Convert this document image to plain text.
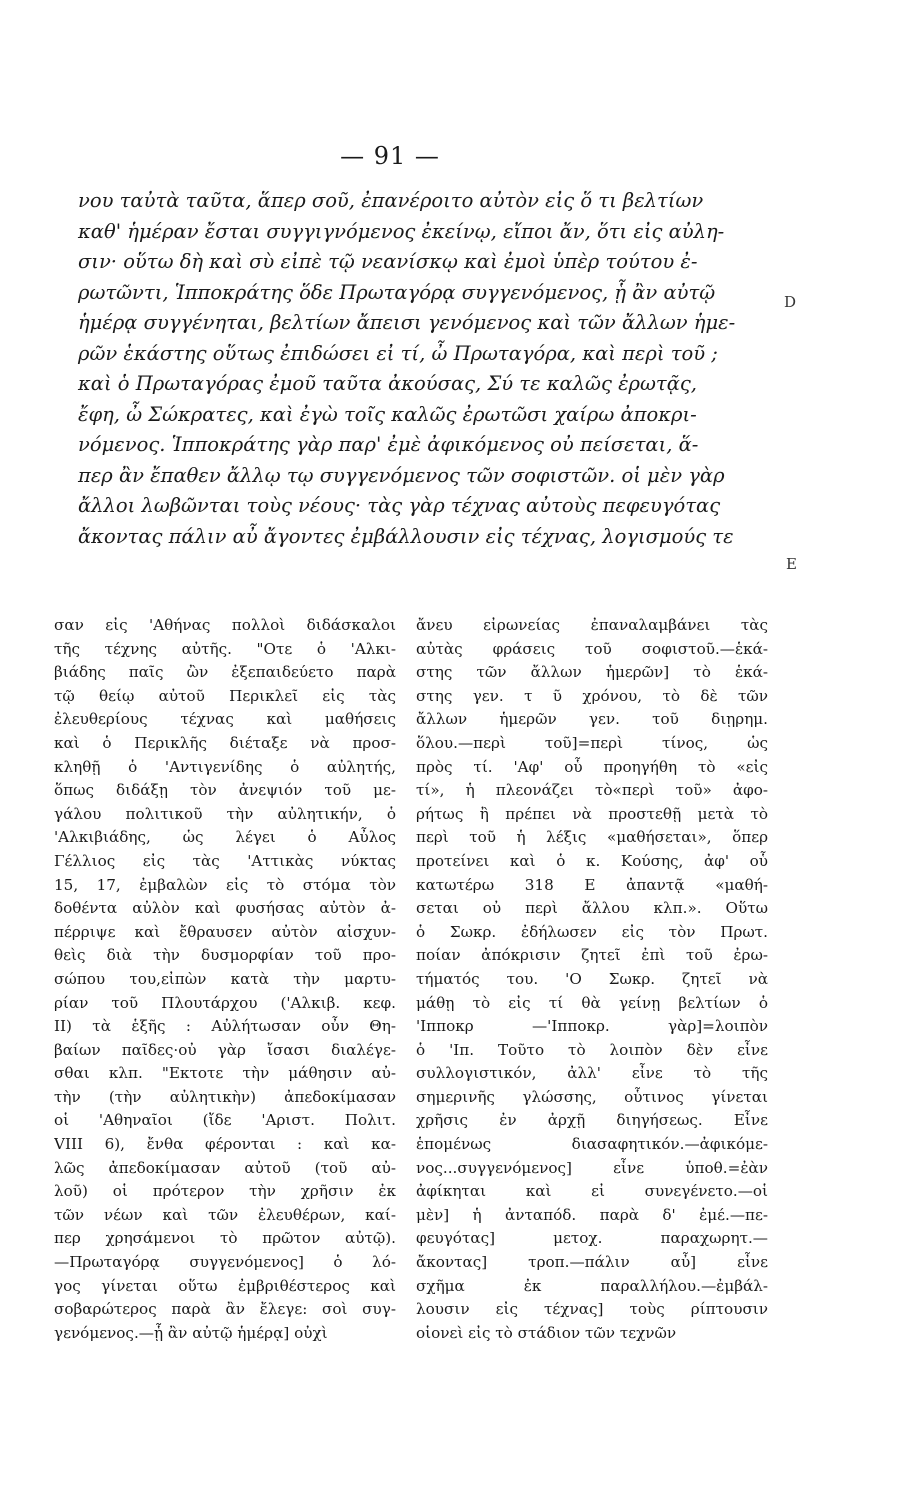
— 91 —
νου ταὐτὰ ταῦτα, ἅπερ σοῦ, ἐπανέροιτο αὐτὸν εἰς ὅ τι βελτίων
καθ' ἡμέραν ἔσται συγγιγνόμενος ἐκείνῳ, εἴποι ἄν, ὅτι εἰς αὐλη-
σιν· οὕτω δὴ καὶ σὺ εἰπὲ τῷ νεανίσκῳ καὶ ἐμοὶ ὑπὲρ τούτου ἐ-
ρωτῶντι, Ἱπποκράτης ὅδε Πρωταγόρᾳ συγγενόμενος, ᾗ ἂν αὐτῷ
ἡμέρᾳ συγγένηται, βελτίων ἄπεισι γενόμενος καὶ τῶν ἄλλων ἡμε-
ρῶν ἑκάστης οὕτως ἐπιδώσει εἰ τί, ὦ Πρωταγόρα, καὶ περὶ τοῦ ;
καὶ ὁ Πρωταγόρας ἐμοῦ ταῦτα ἀκούσας, Σύ τε καλῶς ἐρωτᾷς,
ἔφη, ὦ Σώκρατες, καὶ ἐγὼ τοῖς καλῶς ἐρωτῶσι χαίρω ἀποκρι-
νόμενος. Ἱπποκράτης γὰρ παρ' ἐμὲ ἀφικόμενος οὐ πείσεται, ἅ-
περ ἂν ἔπαθεν ἄλλῳ τῳ συγγενόμενος τῶν σοφιστῶν. οἱ μὲν γὰρ
ἄλλοι λωβῶνται τοὺς νέους· τὰς γὰρ τέχνας αὐτοὺς πεφευγότας
ἄκοντας πάλιν αὖ ἄγοντες ἐμβάλλουσιν εἰς τέχνας, λογισμούς τε
D
E
σαν εἰς 'Αθήνας πολλοὶ διδάσκαλοι
τῆς τέχνης αὐτῆς. "Οτε ὁ 'Αλκι-
βιάδης παῖς ὢν ἐξεπαιδεύετο παρὰ
τῷ θείῳ αὐτοῦ Περικλεῖ εἰς τὰς
ἐλευθερίους τέχνας καὶ μαθήσεις
καὶ ὁ Περικλῆς διέταξε νὰ προσ-
κληθῇ ὁ 'Αντιγενίδης ὁ αὐλητής,
ὅπως διδάξῃ τὸν ἀνεψιόν τοῦ με-
γάλου πολιτικοῦ τὴν αὐλητικήν, ὁ
'Αλκιβιάδης, ὡς λέγει ὁ Αὖλος
Γέλλιος εἰς τὰς 'Αττικὰς νύκτας
15, 17, ἐμβαλὼν εἰς τὸ στόμα τὸν
δοθέντα αὐλὸν καὶ φυσήσας αὐτὸν ἀ-
πέρριψε καὶ ἔθραυσεν αὐτὸν αἰσχυν-
θεὶς διὰ τὴν δυσμορφίαν τοῦ προ-
σώπου του,εἰπὼν κατὰ τὴν μαρτυ-
ρίαν τοῦ Πλουτάρχου ('Αλκιβ. κεφ.
II) τὰ ἑξῆς : Αὐλήτωσαν οὖν Θη-
βαίων παῖδες·οὐ γὰρ ἴσασι διαλέγε-
σθαι κλπ. "Εκτοτε τὴν μάθησιν αὐ-
τὴν (τὴν αὐλητικὴν) ἀπεδοκίμασαν
οἱ 'Αθηναῖοι (ἴδε 'Αριστ. Πολιτ.
VIII 6), ἔνθα φέρονται : καὶ κα-
λῶς ἀπεδοκίμασαν αὐτοῦ (τοῦ αὐ-
λοῦ) οἱ πρότερον τὴν χρῆσιν ἐκ
τῶν νέων καὶ τῶν ἐλευθέρων, καί-
περ χρησάμενοι τὸ πρῶτον αὐτῷ).
—Πρωταγόρᾳ συγγενόμενος] ὁ λό-
γος γίνεται οὕτω ἐμβριθέστερος καὶ
σοβαρώτερος παρὰ ἂν ἔλεγε: σοὶ συγ-
γενόμενος.—ᾗ ἂν αὐτῷ ἡμέρᾳ] οὐχὶ
ἄνευ εἰρωνείας ἐπαναλαμβάνει τὰς
αὐτὰς φράσεις τοῦ σοφιστοῦ.—ἑκά-
στης τῶν ἄλλων ἡμερῶν] τὸ ἑκά-
στης γεν. τ ῦ χρόνου, τὸ δὲ τῶν
ἄλλων ἡμερῶν γεν. τοῦ διῃρημ.
ὅλου.—περὶ τοῦ]=περὶ τίνος, ὡς
πρὸς τί. 'Αφ' οὗ προηγήθη τὸ «εἰς
τί», ἡ πλεονάζει τὸ«περὶ τοῦ» ἀφο-
ρήτως ἢ πρέπει νὰ προστεθῇ μετὰ τὸ
περὶ τοῦ ἡ λέξις «μαθήσεται», ὅπερ
προτείνει καὶ ὁ κ. Κούσης, ἀφ' οὗ
κατωτέρω 318 Ε ἀπαντᾷ «μαθή-
σεται οὐ περὶ ἄλλου κλπ.». Οὕτω
ὁ Σωκρ. ἐδήλωσεν εἰς τὸν Πρωτ.
ποίαν ἀπόκρισιν ζητεῖ ἐπὶ τοῦ ἐρω-
τήματός του. 'Ο Σωκρ. ζητεῖ νὰ
μάθῃ τὸ εἰς τί θὰ γείνῃ βελτίων ὁ
'Ιπποκρ —'Ιπποκρ. γὰρ]=λοιπὸν
ὁ 'Ιπ. Τοῦτο τὸ λοιπὸν δὲν εἶνε
συλλογιστικόν, ἀλλ' εἶνε τὸ τῆς
σημερινῆς γλώσσης, οὗτινος γίνεται
χρῆσις ἐν ἀρχῇ διηγήσεως. Εἶνε
ἑπομένως διασαφητικόν.—ἀφικόμε-
νος...συγγενόμενος] εἶνε ὑποθ.=ἐὰν
ἀφίκηται καὶ εἰ συνεγένετο.—οἱ
μὲν] ἡ ἀνταπόδ. παρὰ δ' ἐμέ.—πε-
φευγότας] μετοχ. παραχωρητ.—
ἄκοντας] τροπ.—πάλιν αὖ] εἶνε
σχῆμα ἐκ παραλλήλου.—ἐμβάλ-
λουσιν εἰς τέχνας] τοὺς ρίπτουσιν
οἱονεὶ εἰς τὸ στάδιον τῶν τεχνῶν
